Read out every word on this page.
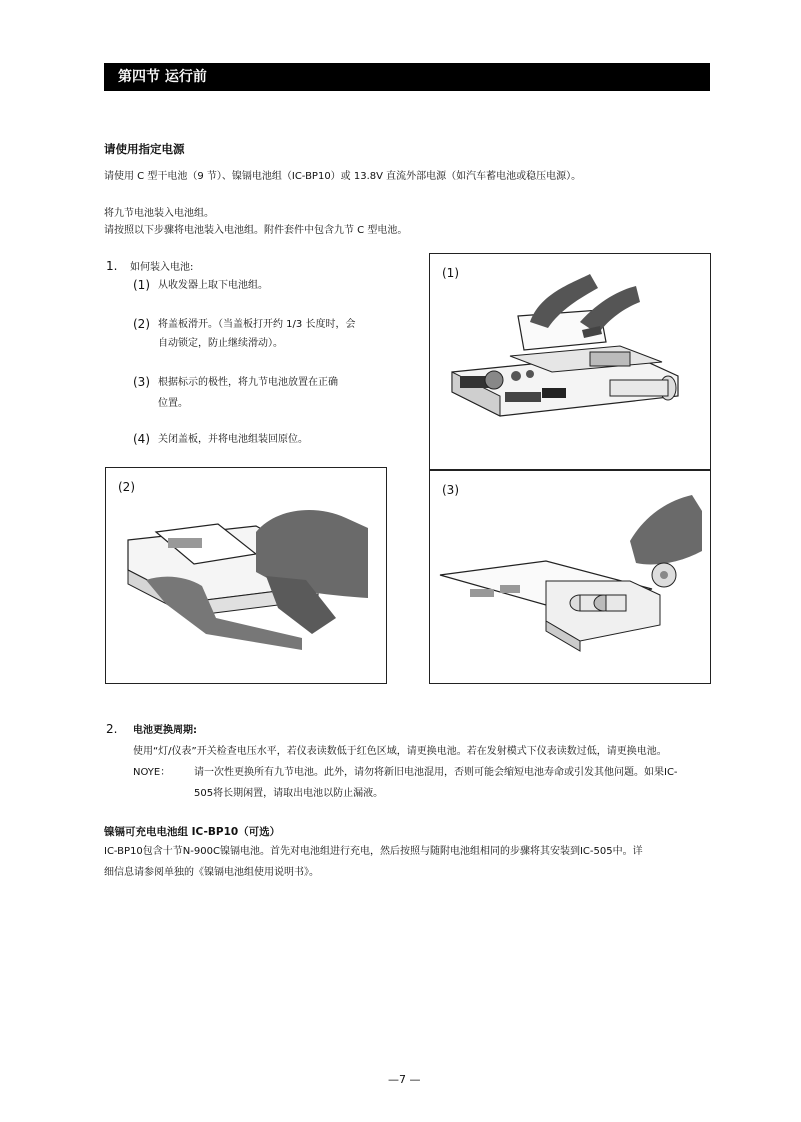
第四节 运行前
请使用指定电源
请使用 C 型干电池（9 节）、镍镉电池组（IC-BP10）或 13.8V 直流外部电源（如汽车蓄电池或稳压电源）。
将九节电池装入电池组。
请按照以下步骤将电池装入电池组。附件套件中包含九节 C 型电池。
1. 如何装入电池:
(1) 从收发器上取下电池组。
(2) 将盖板滑开。（当盖板打开约 1/3 长度时，会
自动锁定，防止继续滑动）。
(3) 根据标示的极性，将九节电池放置在正确
位置。
(4) 关闭盖板，并将电池组装回原位。
(1)
(2)	(3)
2. 电池更换周期:
使用“灯/仪表”开关检查电压水平，若仪表读数低于红色区域，请更换电池。若在发射模式下仪表读数过低，请更换电池。
NOYE： 请一次性更换所有九节电池。此外，请勿将新旧电池混用，否则可能会缩短电池寿命或引发其他问题。如果IC-
505将长期闲置，请取出电池以防止漏液。
镍镉可充电电池组 IC-BP10（可选）
IC-BP10包含十节N-900C镍镉电池。首先对电池组进行充电，然后按照与随附电池组相同的步骤将其安装到IC-505中。详
细信息请参阅单独的《镍镉电池组使用说明书》。
—7 —
